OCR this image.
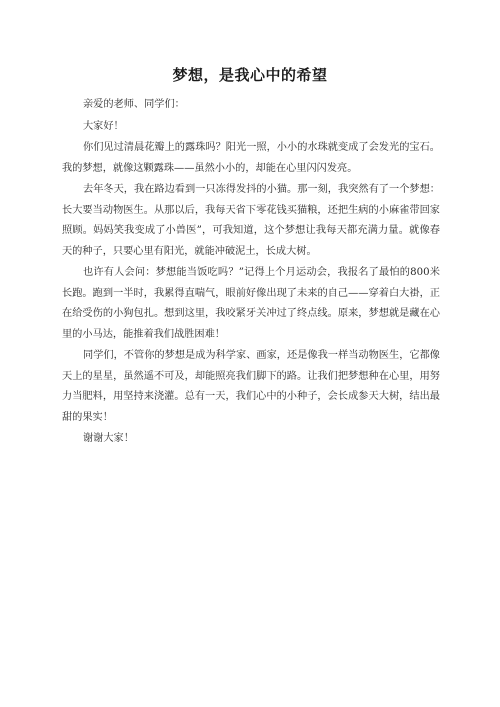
梦想，是我心中的希望

亲爱的老师、同学们：

大家好！

你们见过清晨花瓣上的露珠吗？阳光一照，小小的水珠就变成了会发光的宝石。我的梦想，就像这颗露珠——虽然小小的，却能在心里闪闪发亮。

去年冬天，我在路边看到一只冻得发抖的小猫。那一刻，我突然有了一个梦想：长大要当动物医生。从那以后，我每天省下零花钱买猫粮，还把生病的小麻雀带回家照顾。妈妈笑我变成了小兽医”，可我知道，这个梦想让我每天都充满力量。就像春天的种子，只要心里有阳光，就能冲破泥土，长成大树。

也许有人会问：梦想能当饭吃吗？”记得上个月运动会，我报名了最怕的800米长跑。跑到一半时，我累得直喘气，眼前好像出现了未来的自己——穿着白大褂，正在给受伤的小狗包扎。想到这里，我咬紧牙关冲过了终点线。原来，梦想就是藏在心里的小马达，能推着我们战胜困难！

同学们，不管你的梦想是成为科学家、画家，还是像我一样当动物医生，它都像天上的星星，虽然遥不可及，却能照亮我们脚下的路。让我们把梦想种在心里，用努力当肥料，用坚持来浇灌。总有一天，我们心中的小种子，会长成参天大树，结出最甜的果实！

谢谢大家！
